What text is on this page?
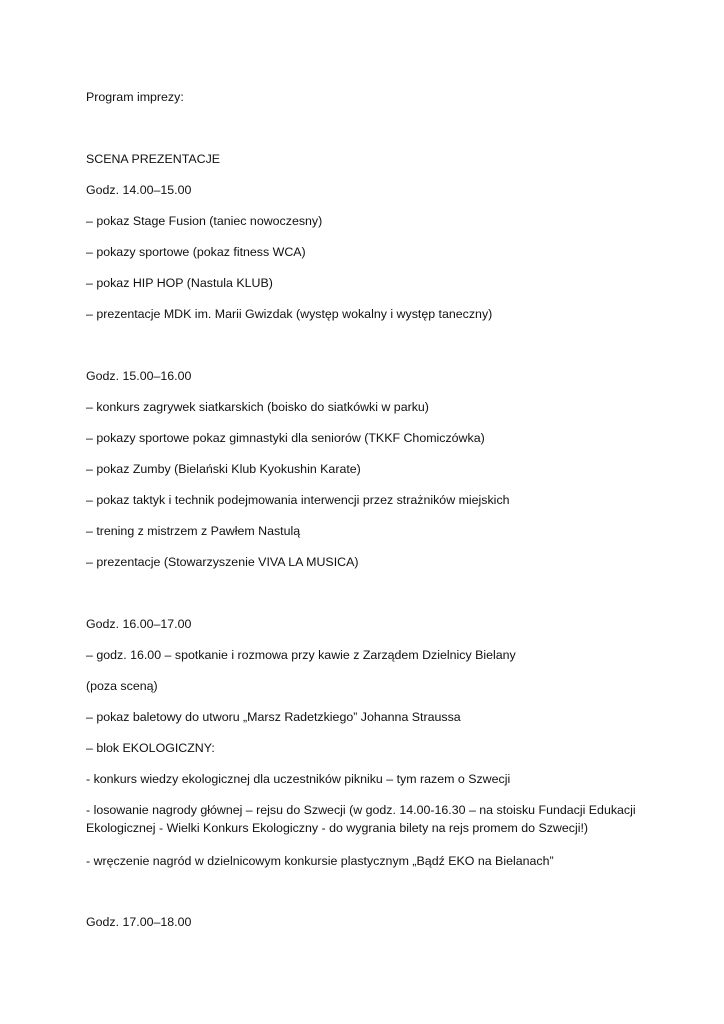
Program imprezy:
SCENA PREZENTACJE
Godz. 14.00–15.00
– pokaz Stage Fusion (taniec nowoczesny)
– pokazy sportowe (pokaz fitness WCA)
– pokaz HIP HOP (Nastula KLUB)
– prezentacje MDK im. Marii Gwizdak (występ wokalny i występ taneczny)
Godz. 15.00–16.00
– konkurs zagrywek siatkarskich (boisko do siatkówki w parku)
– pokazy sportowe pokaz gimnastyki dla seniorów (TKKF Chomiczówka)
– pokaz Zumby (Bielański Klub Kyokushin Karate)
– pokaz taktyk i technik podejmowania interwencji przez strażników miejskich
– trening z mistrzem z Pawłem Nastulą
– prezentacje (Stowarzyszenie VIVA LA MUSICA)
Godz. 16.00–17.00
– godz. 16.00 – spotkanie i rozmowa przy kawie z Zarządem Dzielnicy Bielany
(poza sceną)
– pokaz baletowy do utworu „Marsz Radetzkiego” Johanna Straussa
– blok EKOLOGICZNY:
- konkurs wiedzy ekologicznej dla uczestników pikniku – tym razem o Szwecji
- losowanie nagrody głównej – rejsu do Szwecji (w godz. 14.00-16.30 – na stoisku Fundacji Edukacji Ekologicznej - Wielki Konkurs Ekologiczny - do wygrania bilety na rejs promem do Szwecji!)
- wręczenie nagród w dzielnicowym konkursie plastycznym „Bądź EKO na Bielanach”
Godz. 17.00–18.00
